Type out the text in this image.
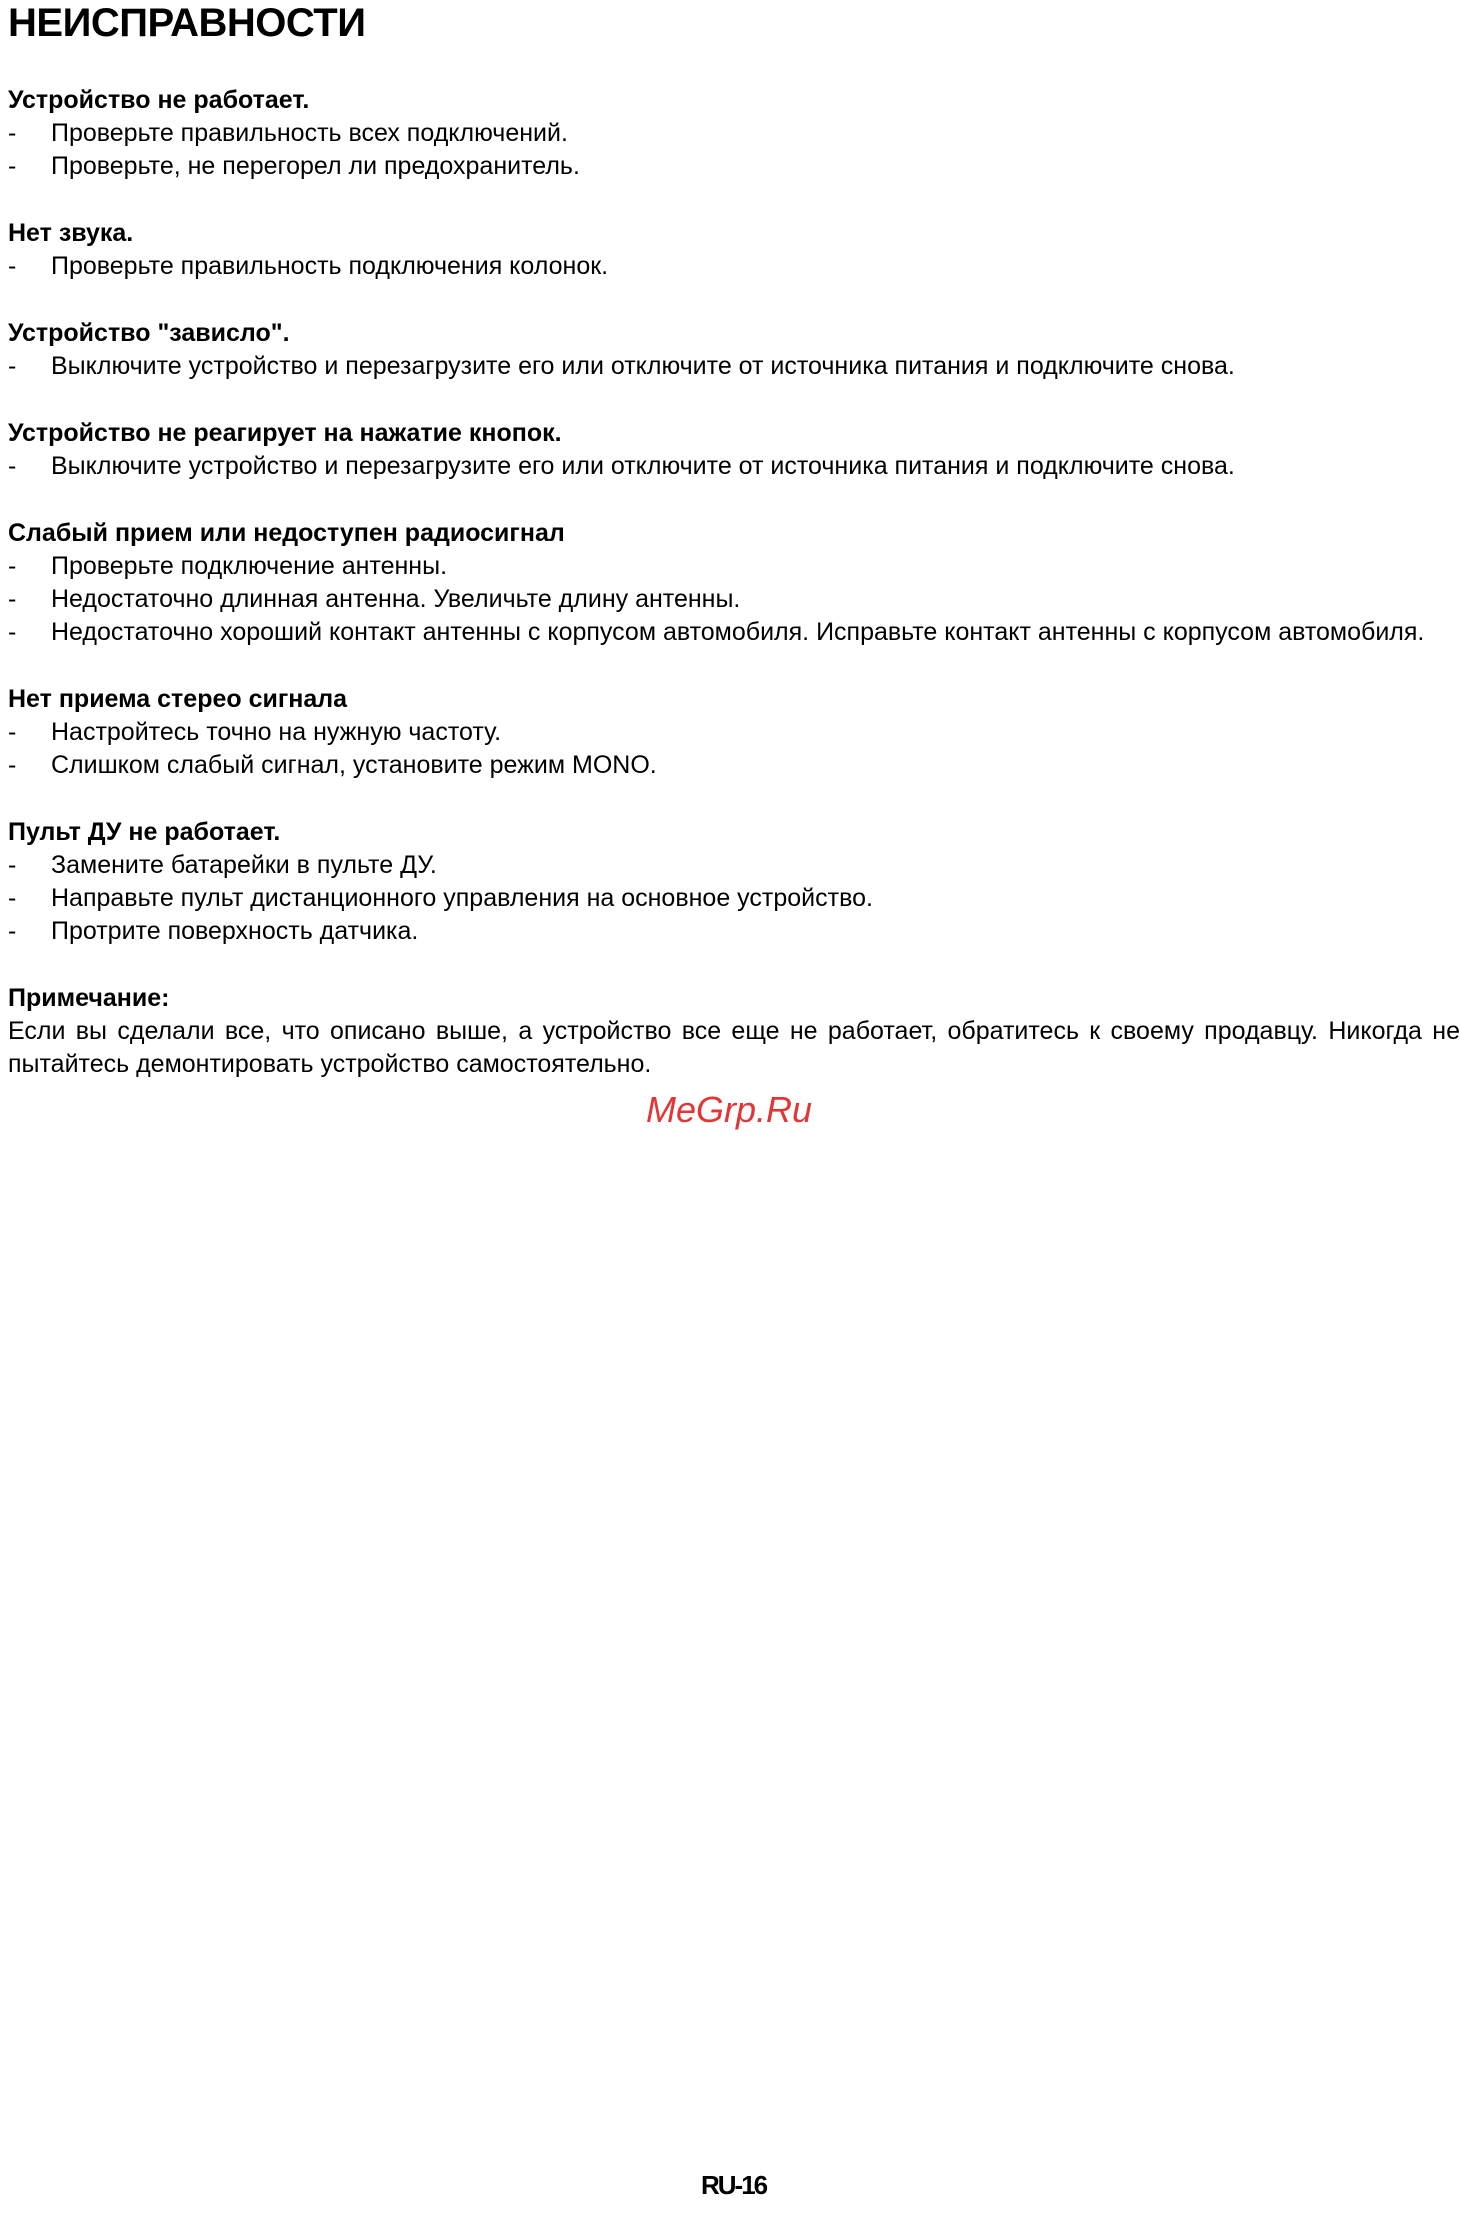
НЕИСПРАВНОСТИ
Устройство не работает.
-	Проверьте правильность всех подключений.
-	Проверьте, не перегорел ли предохранитель.
Нет звука.
-	Проверьте правильность подключения колонок.
Устройство "зависло".
-	Выключите устройство и перезагрузите его или отключите от источника питания и подключите снова.
Устройство не реагирует на нажатие кнопок.
-	Выключите устройство и перезагрузите его или отключите от источника питания и подключите снова.
Слабый прием или недоступен радиосигнал
-	Проверьте подключение антенны.
-	Недостаточно длинная антенна. Увеличьте длину антенны.
-	Недостаточно хороший контакт антенны с корпусом автомобиля. Исправьте контакт антенны с корпусом автомобиля.
Нет приема стерео сигнала
-	Настройтесь точно на нужную частоту.
-	Слишком слабый сигнал, установите режим MONO.
Пульт ДУ не работает.
-	Замените батарейки в пульте ДУ.
-	Направьте пульт дистанционного управления на основное устройство.
-	Протрите поверхность датчика.
Примечание:
Если вы сделали все, что описано выше, а устройство все еще не работает, обратитесь к своему продавцу. Никогда не пытайтесь демонтировать устройство самостоятельно.
MeGrp.Ru
RU-16
